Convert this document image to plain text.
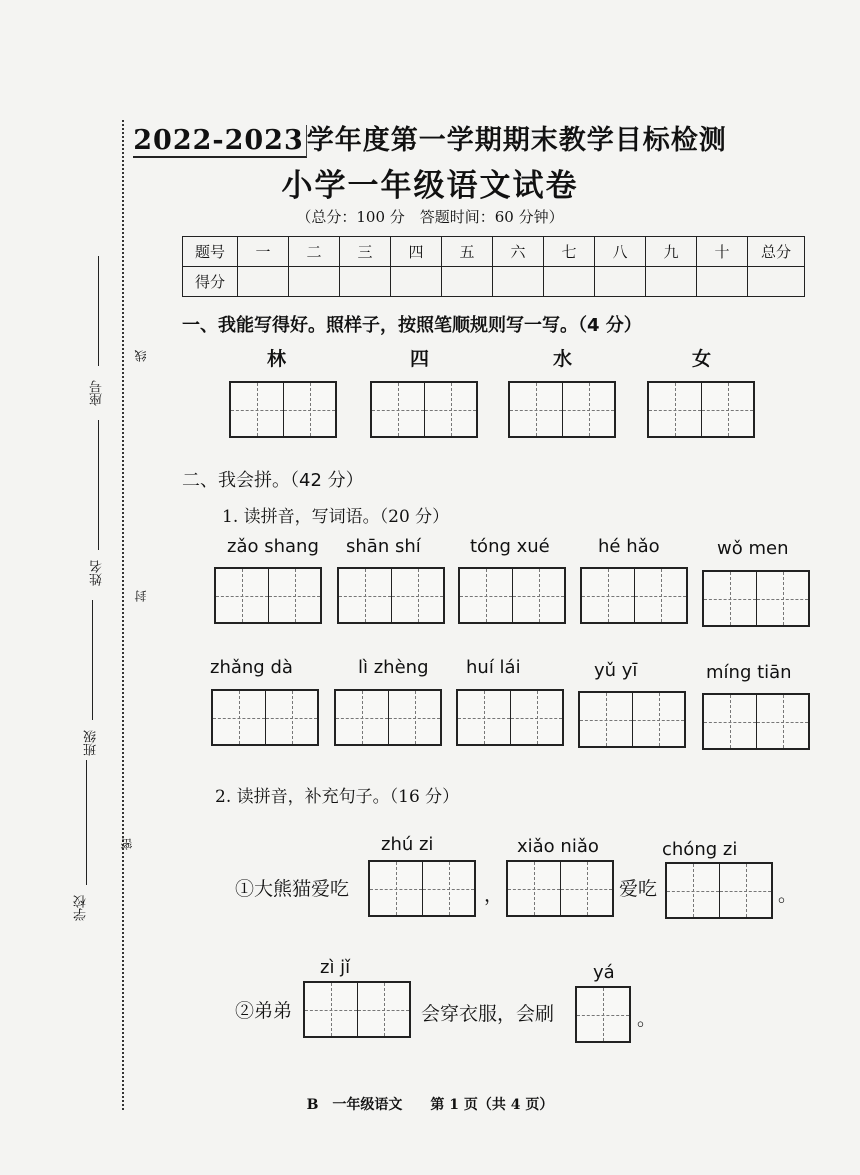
座号
姓名
班级
学校
线
封
密
2022-2023 学年度第一学期期末教学目标检测
小学一年级语文试卷
（总分：100 分　答题时间：60 分钟）
题号	一	二	三	四	五	六	七	八	九	十	总分
得分											
一、我能写得好。照样子，按照笔顺规则写一写。（4 分）
林	四	水	女
二、我会拼。（42 分）
1. 读拼音，写词语。（20 分）
zǎo shang shān shí	tóng xué	hé hǎo	wǒ men
zhǎng dà	lì zhèng huí lái	yǔ yī	míng tiān
2. 读拼音，补充句子。（16 分）
zhú zi	xiǎo niǎo	chóng zi
①大熊猫爱吃	，	爱吃	。
zì jǐ	yá
②弟弟	会穿衣服，会刷	。
B　一年级语文　　第 1 页（共 4 页）
